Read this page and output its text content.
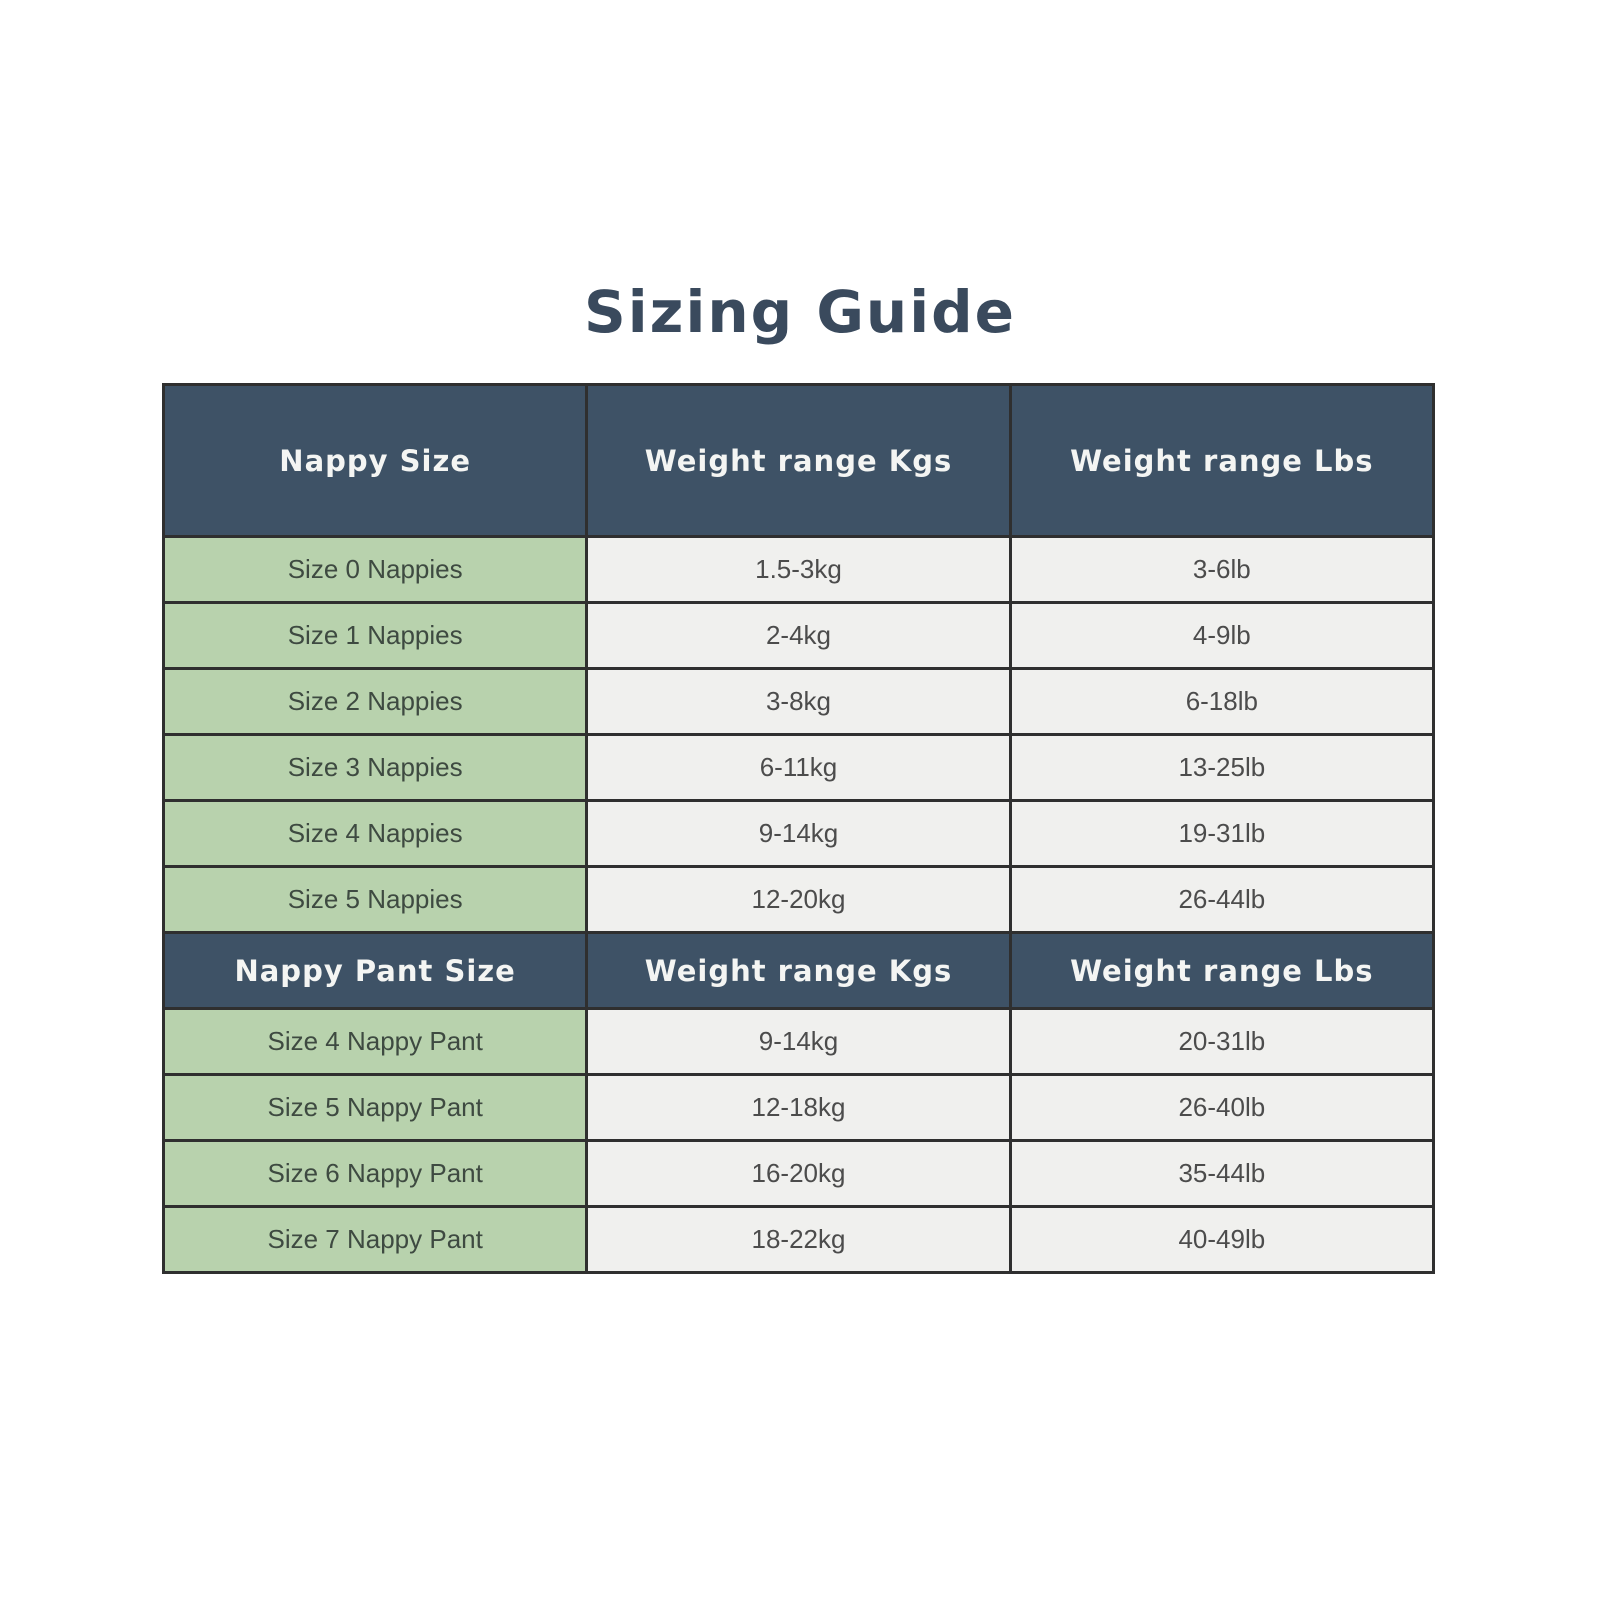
Sizing Guide
Nappy Size	Weight range Kgs	Weight range Lbs
Size 0 Nappies	1.5-3kg	3-6lb
Size 1 Nappies	2-4kg	4-9lb
Size 2 Nappies	3-8kg	6-18lb
Size 3 Nappies	6-11kg	13-25lb
Size 4 Nappies	9-14kg	19-31lb
Size 5 Nappies	12-20kg	26-44lb
Nappy Pant Size	Weight range Kgs	Weight range Lbs
Size 4 Nappy Pant	9-14kg	20-31lb
Size 5 Nappy Pant	12-18kg	26-40lb
Size 6 Nappy Pant	16-20kg	35-44lb
Size 7 Nappy Pant	18-22kg	40-49lb
